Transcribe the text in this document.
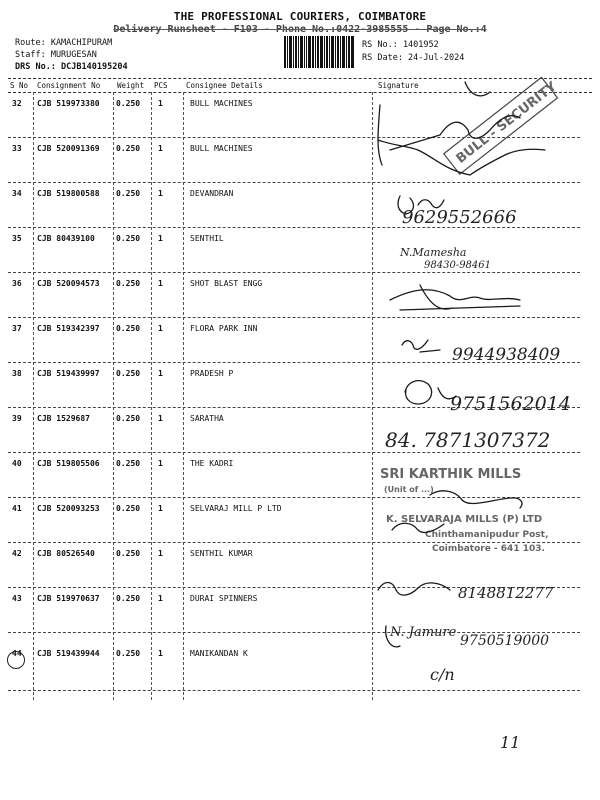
THE PROFESSIONAL COURIERS, COIMBATORE
Delivery Runsheet - F103 - Phone No.:0422-3985555 - Page No.:4
Route: KAMACHIPURAM
Staff: MURUGESAN
DRS No.: DCJB140195204
RS No.: 1401952
RS Date: 24-Jul-2024
S No Consignment No Weight PCS Consignee Details	Signature
32 CJB 519973380 0.250 1	BULL MACHINES
33 CJB 520091369 0.250 1	BULL MACHINES
34 CJB 519800588 0.250 1	DEVANDRAN
35 CJB 80439100	0.250 1	SENTHIL
36 CJB 520094573 0.250 1	SHOT BLAST ENGG
37 CJB 519342397 0.250 1	FLORA PARK INN
38 CJB 519439997 0.250 1	PRADESH P
39 CJB 1529687	0.250 1	SARATHA
40 CJB 519805506 0.250 1	THE KADRI
41 CJB 520093253 0.250 1	SELVARAJ MILL P LTD
42 CJB 80526540	0.250 1	SENTHIL KUMAR
43 CJB 519970637 0.250 1	DURAI SPINNERS
44 CJB 519439944 0.250 1	MANIKANDAN K
BULL - SECURITY
9629552666
N.Mamesha
98430-98461
9944938409
9751562014
84. 7871307372
SRI KARTHIK MILLS
(Unit of ...)
K. SELVARAJA MILLS (P) LTD
Chinthamanipudur Post,
Coimbatore - 641 103.
8148812277
N. Jamure
9750519000
c/n
11
